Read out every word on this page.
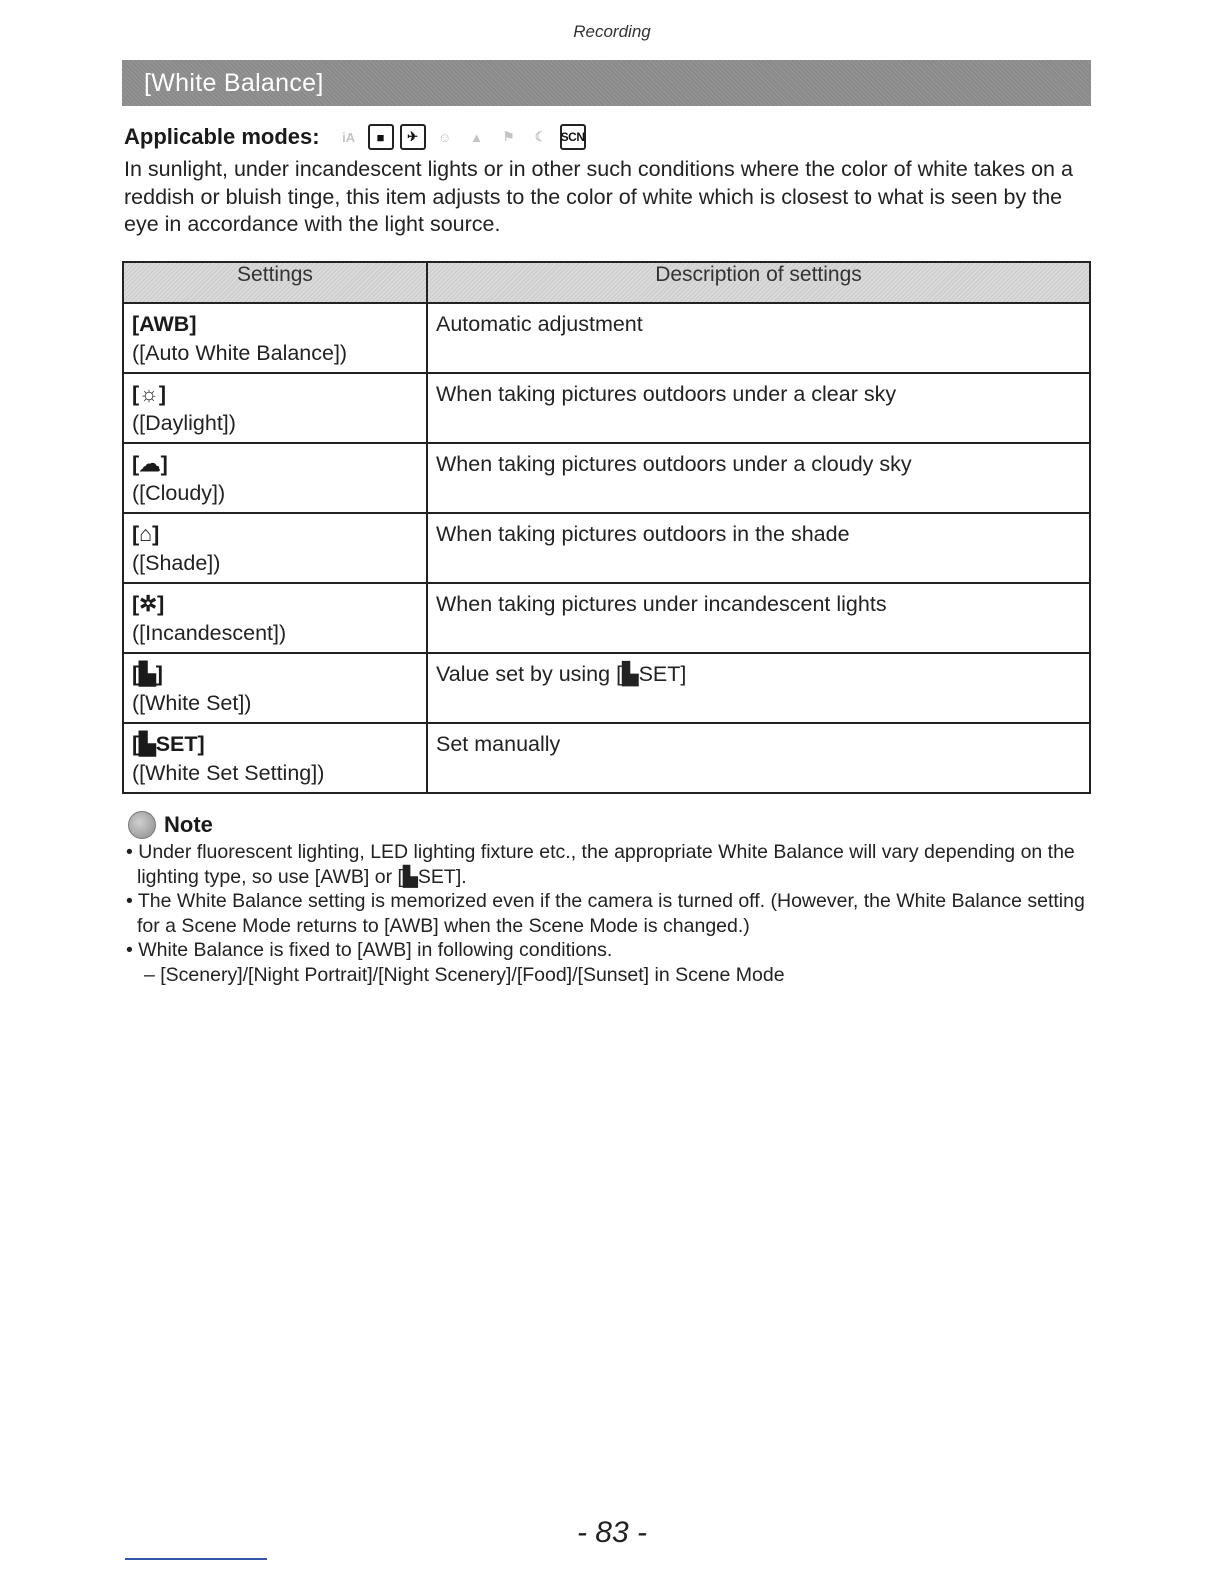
Recording
[White Balance]
Applicable modes:	iA	■	✈	☺	▲	⚑	☾	SCN

In sunlight, under incandescent lights or in other such conditions where the color of white takes on a reddish or bluish tinge, this item adjusts to the color of white which is closest to what is seen by the eye in accordance with the light source.

Settings	Description of settings

[AWB]
([Auto White Balance])	Automatic adjustment

[☼]
([Daylight])	When taking pictures outdoors under a clear sky

[☁]
([Cloudy])	When taking pictures outdoors under a cloudy sky

[⌂]
([Shade])	When taking pictures outdoors in the shade

[✲]
([Incandescent])	When taking pictures under incandescent lights

[▙]
([White Set])	Value set by using [▙SET]

[▙SET]
([White Set Setting])	Set manually
Note
• Under fluorescent lighting, LED lighting fixture etc., the appropriate White Balance will vary depending on the lighting type, so use [AWB] or [▙SET].
• The White Balance setting is memorized even if the camera is turned off. (However, the White Balance setting for a Scene Mode returns to [AWB] when the Scene Mode is changed.)
• White Balance is fixed to [AWB] in following conditions.
– [Scenery]/[Night Portrait]/[Night Scenery]/[Food]/[Sunset] in Scene Mode
- 83 -
